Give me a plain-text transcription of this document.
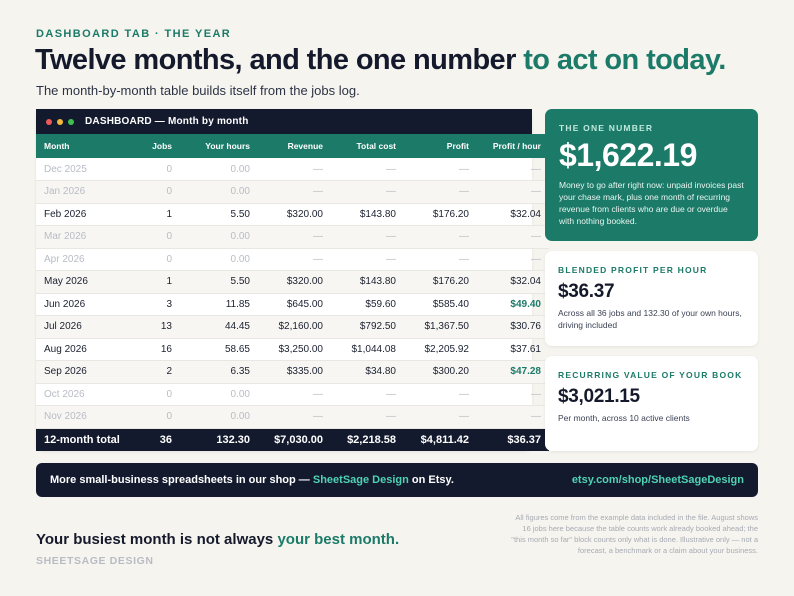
DASHBOARD TAB · THE YEAR
Twelve months, and the one number to act on today.
The month-by-month table builds itself from the jobs log.
DASHBOARD — Month by month
Month	Jobs	Your hours	Revenue	Total cost	Profit	Profit / hour
Dec 2025	0	0.00	—	—	—	—
Jan 2026	0	0.00	—	—	—	—
Feb 2026	1	5.50	$320.00	$143.80	$176.20	$32.04
Mar 2026	0	0.00	—	—	—	—
Apr 2026	0	0.00	—	—	—	—
May 2026	1	5.50	$320.00	$143.80	$176.20	$32.04
Jun 2026	3	11.85	$645.00	$59.60	$585.40	$49.40
Jul 2026	13	44.45	$2,160.00	$792.50	$1,367.50	$30.76
Aug 2026	16	58.65	$3,250.00	$1,044.08	$2,205.92	$37.61
Sep 2026	2	6.35	$335.00	$34.80	$300.20	$47.28
Oct 2026	0	0.00	—	—	—	—
Nov 2026	0	0.00	—	—	—	—
12-month total	36	132.30	$7,030.00	$2,218.58	$4,811.42	$36.37
THE ONE NUMBER
$1,622.19
Money to go after right now: unpaid invoices past your chase mark, plus one month of recurring revenue from clients who are due or overdue with nothing booked.
BLENDED PROFIT PER HOUR
$36.37
Across all 36 jobs and 132.30 of your own hours, driving included
RECURRING VALUE OF YOUR BOOK
$3,021.15
Per month, across 10 active clients
More small-business spreadsheets in our shop — SheetSage Design on Etsy.	etsy.com/shop/SheetSageDesign
Your busiest month is not always your best month.
SHEETSAGE DESIGN
All figures come from the example data included in the file. August shows 16 jobs here because the table counts work already booked ahead; the "this month so far" block counts only what is done. Illustrative only — not a forecast, a benchmark or a claim about your business.
